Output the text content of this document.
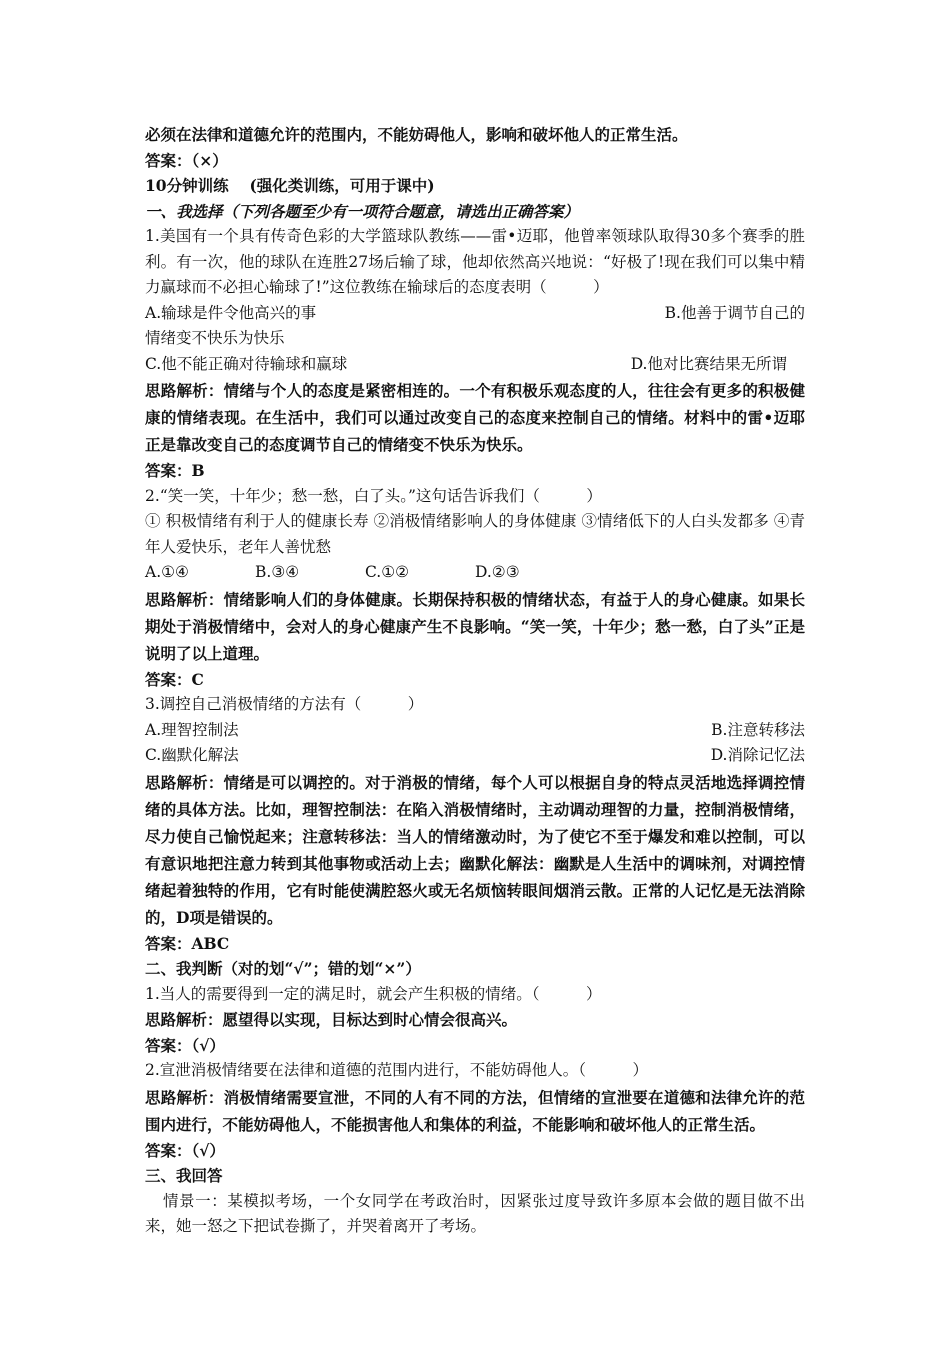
必须在法律和道德允许的范围内，不能妨碍他人，影响和破坏他人的正常生活。

答案：（×）

10分钟训练　 (强化类训练，可用于课中)

一、我选择（下列各题至少有一项符合题意，请选出正确答案）

1.美国有一个具有传奇色彩的大学篮球队教练——雷•迈耶，他曾率领球队取得30多个赛季的胜利。有一次，他的球队在连胜27场后输了球，他却依然高兴地说：“好极了!现在我们可以集中精力赢球而不必担心输球了!”这位教练在输球后的态度表明（　　　）

A.输球是件令他高兴的事	B.他善于调节自己的

情绪变不快乐为快乐

C.他不能正确对待输球和赢球	D.他对比赛结果无所谓

思路解析：情绪与个人的态度是紧密相连的。一个有积极乐观态度的人，往往会有更多的积极健康的情绪表现。在生活中，我们可以通过改变自己的态度来控制自己的情绪。材料中的雷•迈耶正是靠改变自己的态度调节自己的情绪变不快乐为快乐。

答案：B

2.“笑一笑，十年少；愁一愁，白了头。”这句话告诉我们（　　　）

① 积极情绪有利于人的健康长寿 ②消极情绪影响人的身体健康 ③情绪低下的人白头发都多 ④青年人爱快乐，老年人善忧愁

A.①④	B.③④	C.①②	D.②③

思路解析：情绪影响人们的身体健康。长期保持积极的情绪状态，有益于人的身心健康。如果长期处于消极情绪中，会对人的身心健康产生不良影响。“笑一笑，十年少；愁一愁，白了头”正是说明了以上道理。

答案：C

3.调控自己消极情绪的方法有（　　　）

A.理智控制法	B.注意转移法
C.幽默化解法	D.消除记忆法

思路解析：情绪是可以调控的。对于消极的情绪，每个人可以根据自身的特点灵活地选择调控情绪的具体方法。比如，理智控制法：在陷入消极情绪时，主动调动理智的力量，控制消极情绪，尽力使自己愉悦起来；注意转移法：当人的情绪激动时，为了使它不至于爆发和难以控制，可以有意识地把注意力转到其他事物或活动上去；幽默化解法：幽默是人生活中的调味剂，对调控情绪起着独特的作用，它有时能使满腔怒火或无名烦恼转眼间烟消云散。正常的人记忆是无法消除的，D项是错误的。

答案：ABC

二、我判断（对的划“√”；错的划“×”）

1.当人的需要得到一定的满足时，就会产生积极的情绪。（　　　）

思路解析：愿望得以实现，目标达到时心情会很高兴。

答案：（√）

2.宣泄消极情绪要在法律和道德的范围内进行，不能妨碍他人。（　　　）

思路解析：消极情绪需要宣泄，不同的人有不同的方法，但情绪的宣泄要在道德和法律允许的范围内进行，不能妨碍他人，不能损害他人和集体的利益，不能影响和破坏他人的正常生活。

答案：（√）

三、我回答

情景一：某模拟考场，一个女同学在考政治时，因紧张过度导致许多原本会做的题目做不出来，她一怒之下把试卷撕了，并哭着离开了考场。
